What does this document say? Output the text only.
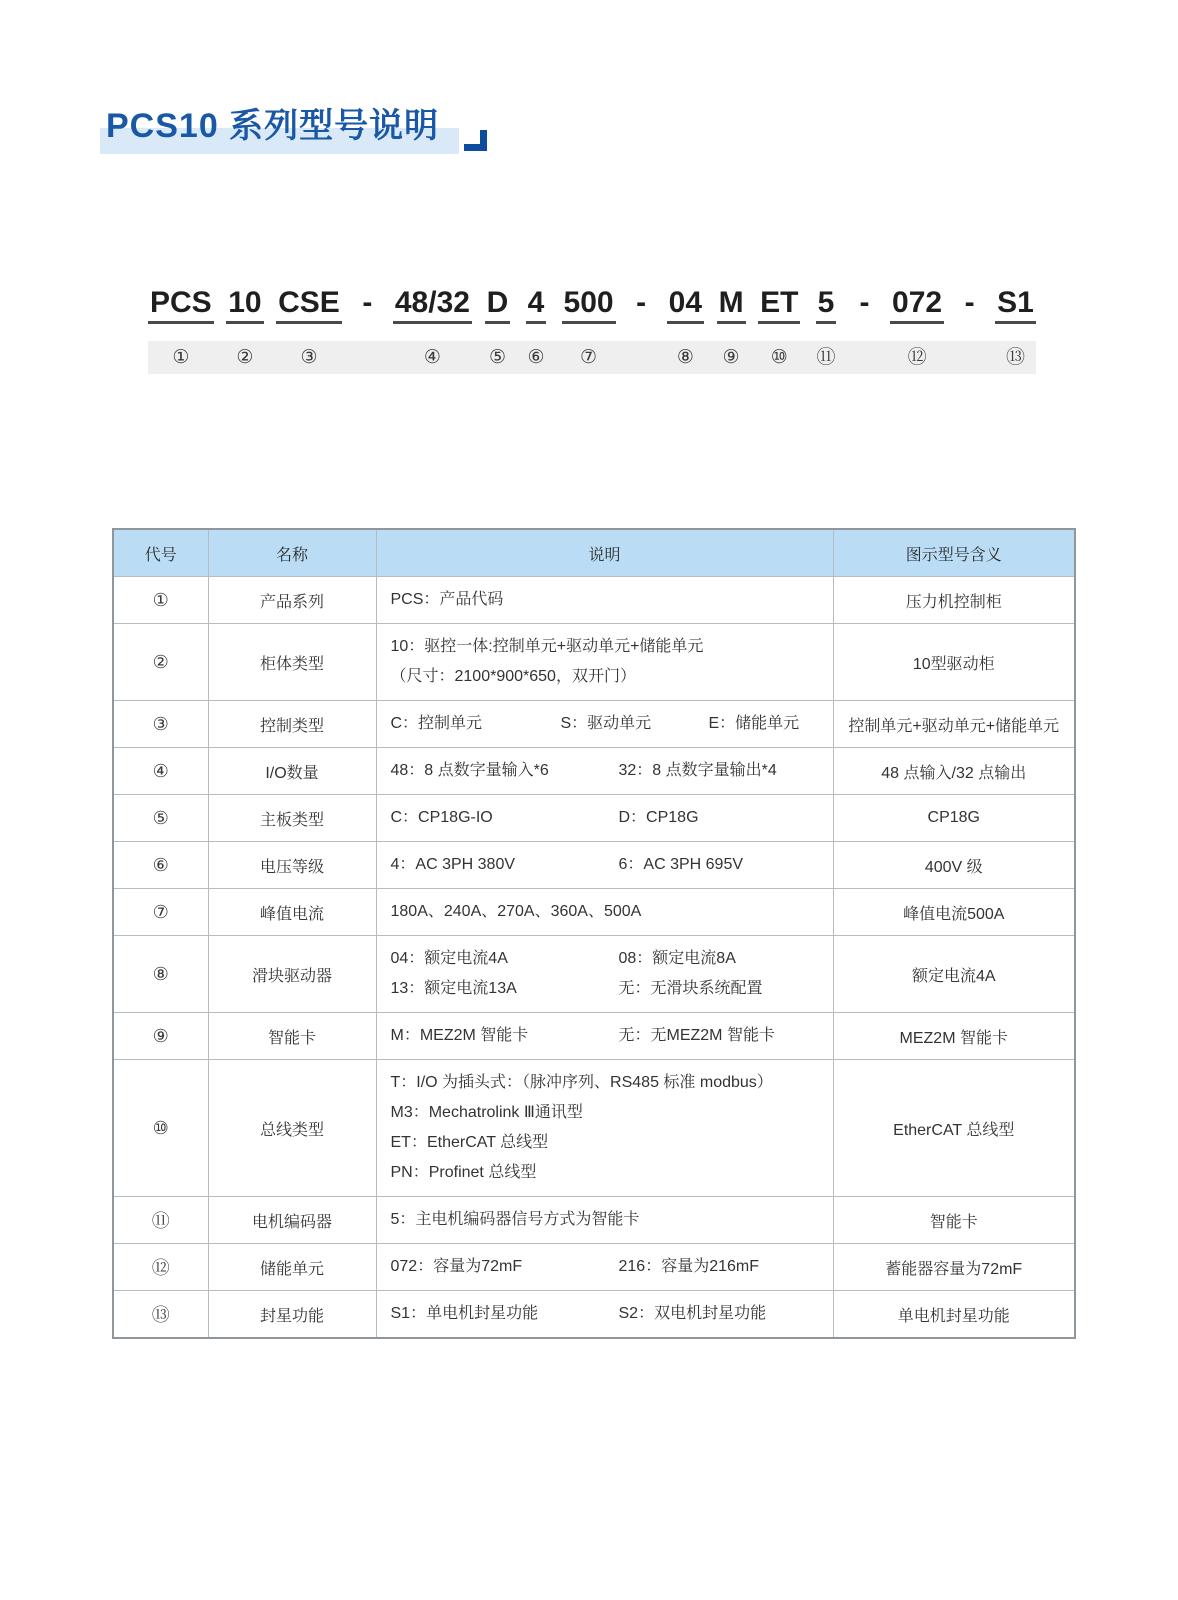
PCS10 系列型号说明
PCS
①
10
②
CSE
③
- 48/32
④
D
⑤
4
⑥
500
⑦
- 04
⑧
M
⑨
ET
⑩
5
⑪
- 072
⑫
- S1
⑬
代号	名称	说明	图示型号含义
①	产品系列	PCS：产品代码	压力机控制柜
②	柜体类型	10：驱控一体:控制单元+驱动单元+储能单元
（尺寸：2100*900*650，双开门）	10型驱动柜
③	控制类型	C：控制单元 S：驱动单元 E：储能单元	控制单元+驱动单元+储能单元
④	I/O数量	48：8 点数字量输入*6 32：8 点数字量输出*4	48 点输入/32 点输出
⑤	主板类型	C：CP18G-IO D：CP18G	CP18G
⑥	电压等级	4：AC 3PH 380V 6：AC 3PH 695V	400V 级
⑦	峰值电流	180A、240A、270A、360A、500A	峰值电流500A
⑧	滑块驱动器	04：额定电流4A 08：额定电流8A
13：额定电流13A 无：无滑块系统配置	额定电流4A
⑨	智能卡	M：MEZ2M 智能卡 无：无MEZ2M 智能卡	MEZ2M 智能卡
⑩	总线类型	T：I/O 为插头式：（脉冲序列、RS485 标准 modbus）
M3：Mechatrolink Ⅲ通讯型
ET：EtherCAT 总线型
PN：Profinet 总线型	EtherCAT 总线型
⑪	电机编码器	5：主电机编码器信号方式为智能卡	智能卡
⑫	储能单元	072：容量为72mF 216：容量为216mF	蓄能器容量为72mF
⑬	封星功能	S1：单电机封星功能 S2：双电机封星功能	单电机封星功能
